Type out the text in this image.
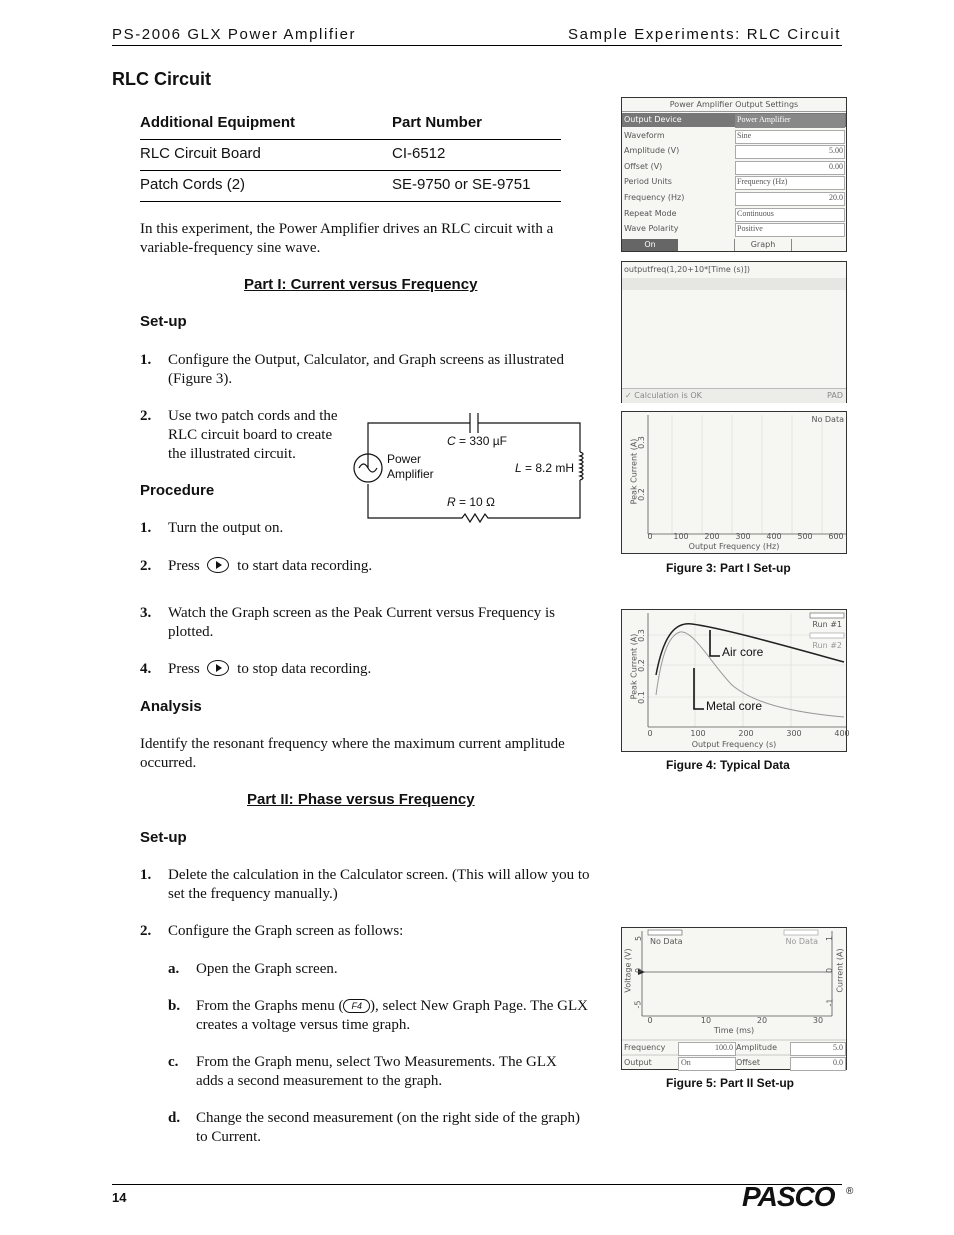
PS-2006 GLX Power Amplifier	Sample Experiments: RLC Circuit
RLC Circuit
Additional Equipment	Part Number
RLC Circuit Board	CI-6512
Patch Cords (2)	SE-9750 or SE-9751
In this experiment, the Power Amplifier drives an RLC circuit with a variable-frequency sine wave.
Part I: Current versus Frequency
Set-up
1. Configure the Output, Calculator, and Graph screens as illustrated (Figure 3).
2. Use two patch cords and the RLC circuit board to create the illustrated circuit.
Procedure
1. Turn the output on.
2. Press	to start data recording.
3. Watch the Graph screen as the Peak Current versus Frequency is plotted.
4. Press	to stop data recording.
Analysis
Identify the resonant frequency where the maximum current amplitude occurred.
Part II: Phase versus Frequency
Set-up
1. Delete the calculation in the Calculator screen. (This will allow you to set the frequency manually.)
2. Configure the Graph screen as follows:
a. Open the Graph screen.
b. From the Graphs menu ( F4 ), select New Graph Page. The GLX creates a voltage versus time graph.
c. From the Graph menu, select Two Measurements. The GLX adds a second measurement to the graph.
d. Change the second measurement (on the right side of the graph) to Current.
C = 330 µF
L = 8.2 mH
R = 10 Ω
Power
Amplifier
Power Amplifier Output Settings
Output Device	Power Amplifier
Waveform	Sine
Amplitude (V)	5.00
Offset (V)	0.00
Period Units	Frequency (Hz)
Frequency (Hz)	20.0
Repeat Mode	Continuous
Wave Polarity	Positive
On	Graph
outputfreq(1,20+10*[Time (s)])
✓ Calculation is OK	PAD
No Data
Peak Current (A)
0.3
0.2
0	100 200 300 400 500 600
Output Frequency (Hz)
Figure 3: Part I Set-up
Run #1
Run #2
Air core
Metal core
Peak Current (A)
0.3
0.2
0.1
0	100	200	300	400
Output Frequency (s)
Figure 4: Typical Data
No Data	No Data
Voltage (V)	Current (A)
5
0
-5
1
0
-1
0	10	20	30
Time (ms)
Frequency	100.0 Amplitude	5.0
Output	On	Offset	0.0
Figure 5: Part II Set-up
14	PASCO ®
